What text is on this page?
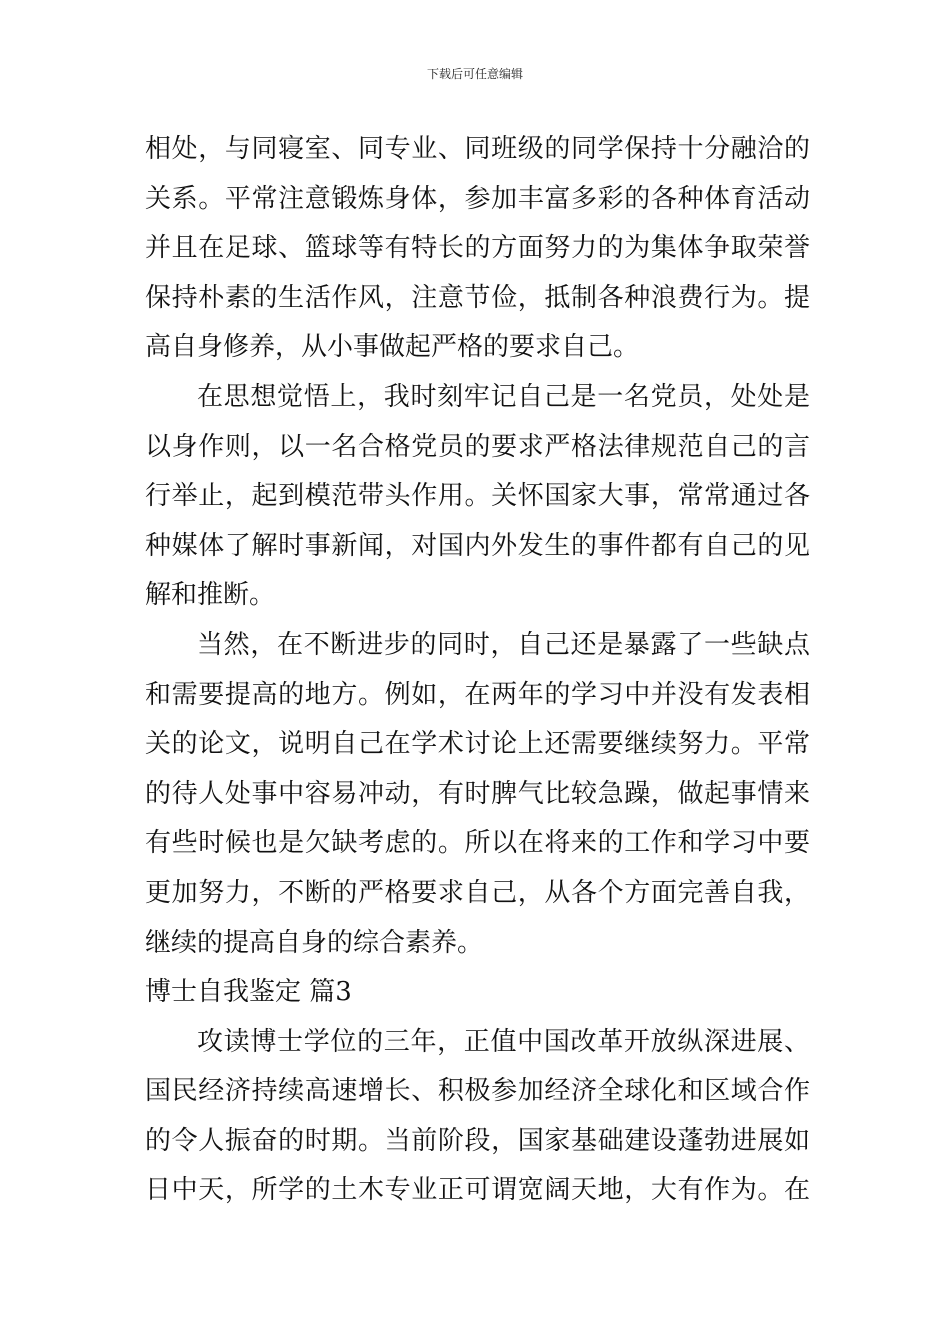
下载后可任意编辑
相处，与同寝室、同专业、同班级的同学保持十分融洽的
关系。平常注意锻炼身体，参加丰富多彩的各种体育活动
并且在足球、篮球等有特长的方面努力的为集体争取荣誉
保持朴素的生活作风，注意节俭，抵制各种浪费行为。提
高自身修养，从小事做起严格的要求自己。
在思想觉悟上，我时刻牢记自己是一名党员，处处是
以身作则，以一名合格党员的要求严格法律规范自己的言
行举止，起到模范带头作用。关怀国家大事，常常通过各
种媒体了解时事新闻，对国内外发生的事件都有自己的见
解和推断。
当然，在不断进步的同时，自己还是暴露了一些缺点
和需要提高的地方。例如，在两年的学习中并没有发表相
关的论文，说明自己在学术讨论上还需要继续努力。平常
的待人处事中容易冲动，有时脾气比较急躁，做起事情来
有些时候也是欠缺考虑的。所以在将来的工作和学习中要
更加努力，不断的严格要求自己，从各个方面完善自我，
继续的提高自身的综合素养。
博士自我鉴定 篇3
攻读博士学位的三年，正值中国改革开放纵深进展、
国民经济持续高速增长、积极参加经济全球化和区域合作
的令人振奋的时期。当前阶段，国家基础建设蓬勃进展如
日中天，所学的土木专业正可谓宽阔天地，大有作为。在
